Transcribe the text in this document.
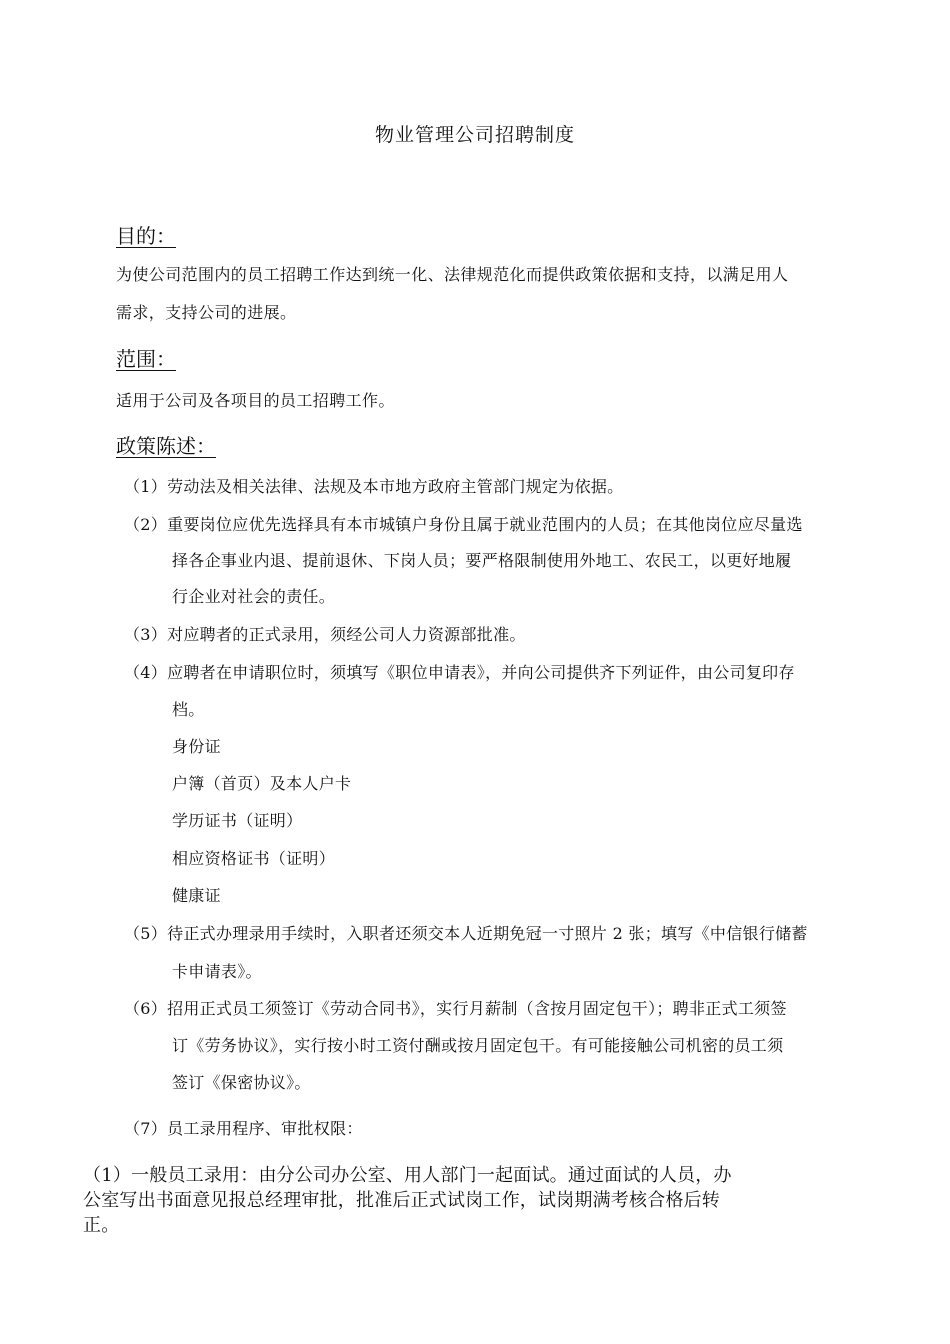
物业管理公司招聘制度
目的：
为使公司范围内的员工招聘工作达到统一化、法律规范化而提供政策依据和支持，以满足用人
需求，支持公司的进展。
范围：
适用于公司及各项目的员工招聘工作。
政策陈述：
（1）劳动法及相关法律、法规及本市地方政府主管部门规定为依据。
（2）重要岗位应优先选择具有本市城镇户身份且属于就业范围内的人员；在其他岗位应尽量选
择各企事业内退、提前退休、下岗人员；要严格限制使用外地工、农民工，以更好地履
行企业对社会的责任。
（3）对应聘者的正式录用，须经公司人力资源部批准。
（4）应聘者在申请职位时，须填写《职位申请表》，并向公司提供齐下列证件，由公司复印存
档。
身份证
户簿（首页）及本人户卡
学历证书（证明）
相应资格证书（证明）
健康证
（5）待正式办理录用手续时，入职者还须交本人近期免冠一寸照片 2 张；填写《中信银行储蓄
卡申请表》。
（6）招用正式员工须签订《劳动合同书》，实行月薪制（含按月固定包干）；聘非正式工须签
订《劳务协议》，实行按小时工资付酬或按月固定包干。有可能接触公司机密的员工须
签订《保密协议》。
（7）员工录用程序、审批权限：
（1）一般员工录用：由分公司办公室、用人部门一起面试。通过面试的人员，办
公室写出书面意见报总经理审批，批准后正式试岗工作，试岗期满考核合格后转
正。
